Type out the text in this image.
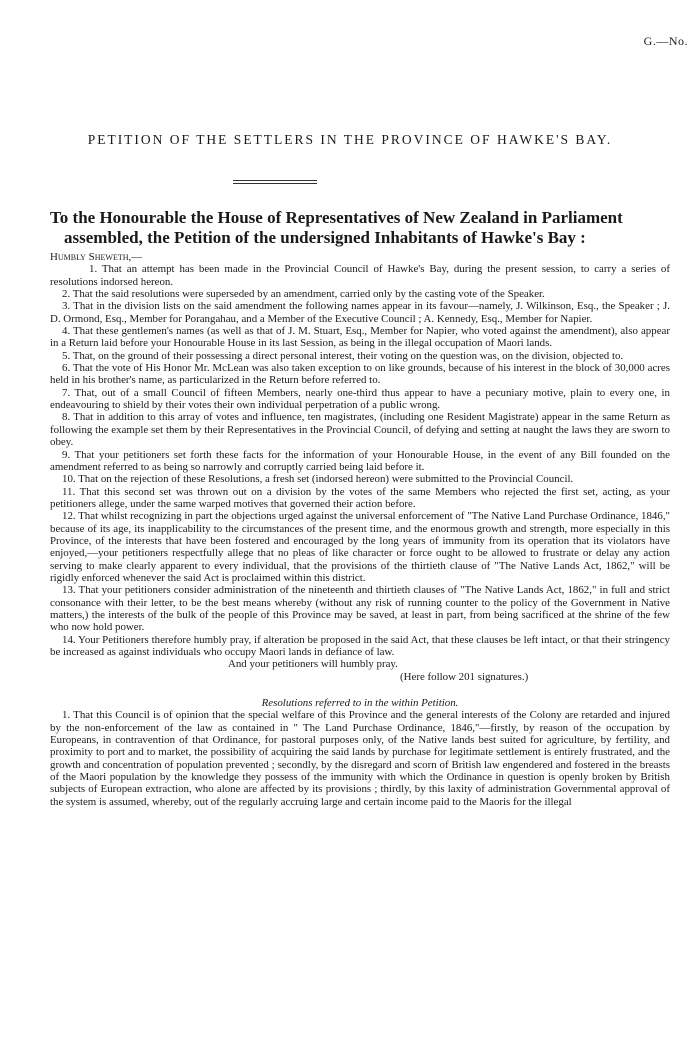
G.—No.
PETITION OF THE SETTLERS IN THE PROVINCE OF HAWKE'S BAY.

To the Honourable the House of Representatives of New Zealand in Parliament assembled, the Petition of the undersigned Inhabitants of Hawke's Bay :

Humbly Sheweth,—

1. That an attempt has been made in the Provincial Council of Hawke's Bay, during the present session, to carry a series of resolutions indorsed hereon.

2. That the said resolutions were superseded by an amendment, carried only by the casting vote of the Speaker.

3. That in the division lists on the said amendment the following names appear in its favour—namely, J. Wilkinson, Esq., the Speaker ; J. D. Ormond, Esq., Member for Porangahau, and a Member of the Executive Council ; A. Kennedy, Esq., Member for Napier.

4. That these gentlemen's names (as well as that of J. M. Stuart, Esq., Member for Napier, who voted against the amendment), also appear in a Return laid before your Honourable House in its last Session, as being in the illegal occupation of Maori lands.

5. That, on the ground of their possessing a direct personal interest, their voting on the question was, on the division, objected to.

6. That the vote of His Honor Mr. McLean was also taken exception to on like grounds, because of his interest in the block of 30,000 acres held in his brother's name, as particularized in the Return before referred to.

7. That, out of a small Council of fifteen Members, nearly one-third thus appear to have a pecuniary motive, plain to every one, in endeavouring to shield by their votes their own individual perpetration of a public wrong.

8. That in addition to this array of votes and influence, ten magistrates, (including one Resident Magistrate) appear in the same Return as following the example set them by their Representatives in the Provincial Council, of defying and setting at naught the laws they are sworn to obey.

9. That your petitioners set forth these facts for the information of your Honourable House, in the event of any Bill founded on the amendment referred to as being so narrowly and corruptly carried being laid before it.

10. That on the rejection of these Resolutions, a fresh set (indorsed hereon) were submitted to the Provincial Council.

11. That this second set was thrown out on a division by the votes of the same Members who rejected the first set, acting, as your petitioners allege, under the same warped motives that governed their action before.

12. That whilst recognizing in part the objections urged against the universal enforcement of "The Native Land Purchase Ordinance, 1846," because of its age, its inapplicability to the circumstances of the present time, and the enormous growth and strength, more especially in this Province, of the interests that have been fostered and encouraged by the long years of immunity from its operation that its violators have enjoyed,—your petitioners respectfully allege that no pleas of like character or force ought to be allowed to frustrate or delay any action serving to make clearly apparent to every individual, that the provisions of the thirtieth clause of "The Native Lands Act, 1862," will be rigidly enforced whenever the said Act is proclaimed within this district.

13. That your petitioners consider administration of the nineteenth and thirtieth clauses of "The Native Lands Act, 1862," in full and strict consonance with their letter, to be the best means whereby (without any risk of running counter to the policy of the Government in Native matters,) the interests of the bulk of the people of this Province may be saved, at least in part, from being sacrificed at the shrine of the few who now hold power.

14. Your Petitioners therefore humbly pray, if alteration be proposed in the said Act, that these clauses be left intact, or that their stringency be increased as against individuals who occupy Maori lands in defiance of law.

And your petitioners will humbly pray.

(Here follow 201 signatures.)

Resolutions referred to in the within Petition.

1. That this Council is of opinion that the special welfare of this Province and the general interests of the Colony are retarded and injured by the non-enforcement of the law as contained in " The Land Purchase Ordinance, 1846,"—firstly, by reason of the occupation by Europeans, in contravention of that Ordinance, for pastoral purposes only, of the Native lands best suited for agriculture, by fertility, and proximity to port and to market, the possibility of acquiring the said lands by purchase for legitimate settlement is entirely frustrated, and the growth and concentration of population prevented ; secondly, by the disregard and scorn of British law engendered and fostered in the breasts of the Maori population by the knowledge they possess of the immunity with which the Ordinance in question is openly broken by British subjects of European extraction, who alone are affected by its provisions ; thirdly, by this laxity of administration Governmental approval of the system is assumed, whereby, out of the regularly accruing large and certain income paid to the Maoris for the illegal
